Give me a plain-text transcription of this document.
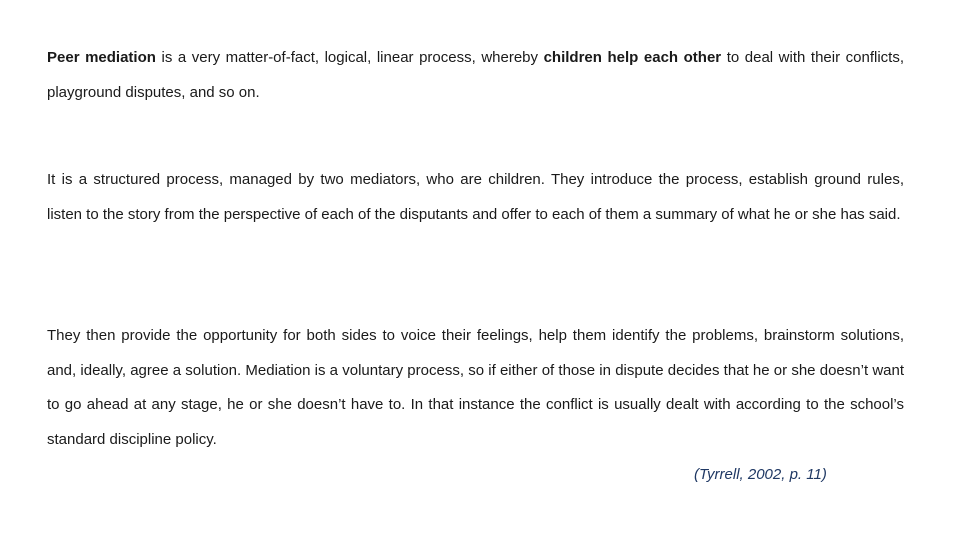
Peer mediation is a very matter-of-fact, logical, linear process, whereby children help each other to deal with their conflicts, playground disputes, and so on.

It is a structured process, managed by two mediators, who are children. They introduce the process, establish ground rules, listen to the story from the perspective of each of the disputants and offer to each of them a summary of what he or she has said.

They then provide the opportunity for both sides to voice their feelings, help them identify the problems, brainstorm solutions, and, ideally, agree a solution. Mediation is a voluntary process, so if either of those in dispute decides that he or she doesn’t want to go ahead at any stage, he or she doesn’t have to. In that instance the conflict is usually dealt with according to the school’s standard discipline policy.

(Tyrrell, 2002, p. 11)
